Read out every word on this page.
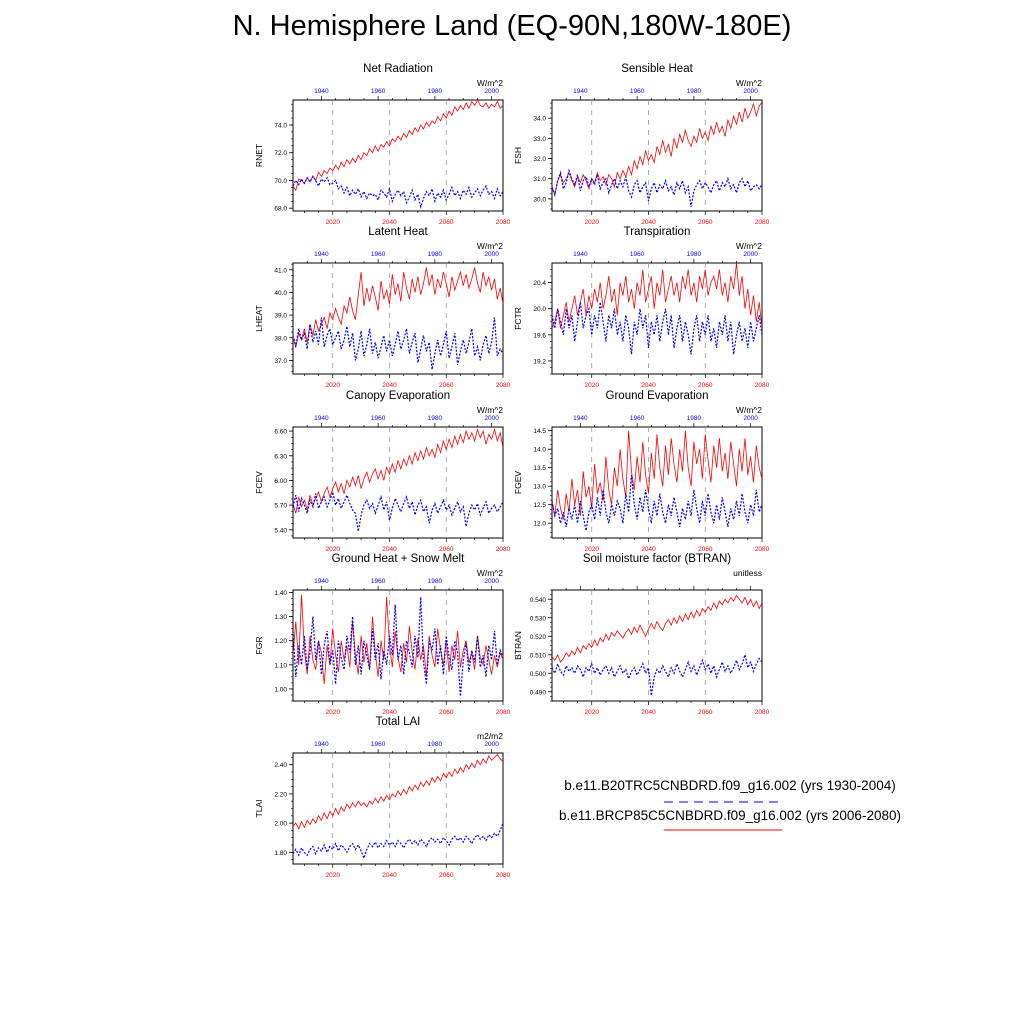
N. Hemisphere Land (EQ-90N,180W-180E)
Net Radiation
W/m^2
RNET
68.0
70.0
72.0
74.0
2020	2040	2060	2080
1940	1960	1980	2000
Sensible Heat
W/m^2
FSH
30.0
31.0
32.0
33.0
34.0
2020	2040	2060	2080
1940	1960	1980	2000
Latent Heat
W/m^2
LHEAT
37.0
38.0
39.0
40.0
41.0
2020	2040	2060	2080
1940	1960	1980	2000
Transpiration
W/m^2
FCTR
19.2
19.6
20.0
20.4
2020	2040	2060	2080
1940	1960	1980	2000
Canopy Evaporation
W/m^2
FCEV
5.40
5.70
6.00
6.30
6.60
2020	2040	2060	2080
1940	1960	1980	2000
Ground Evaporation
W/m^2
FGEV
12.0
12.5
13.0
13.5
14.0
14.5
2020	2040	2060	2080
1940	1960	1980	2000
Ground Heat + Snow Melt
W/m^2
FGR
1.00
1.10
1.20
1.30
1.40
2020	2040	2060	2080
1940	1960	1980	2000
Soil moisture factor (BTRAN)
unitless
BTRAN
0.490
0.500
0.510
0.520
0.530
0.540
2020	2040	2060	2080
Total LAI
m2/m2
TLAI
1.80
2.00
2.20
2.40
2020	2040	2060	2080
1940	1960	1980	2000
b.e11.B20TRC5CNBDRD.f09_g16.002 (yrs 1930-2004)
b.e11.BRCP85C5CNBDRD.f09_g16.002 (yrs 2006-2080)
